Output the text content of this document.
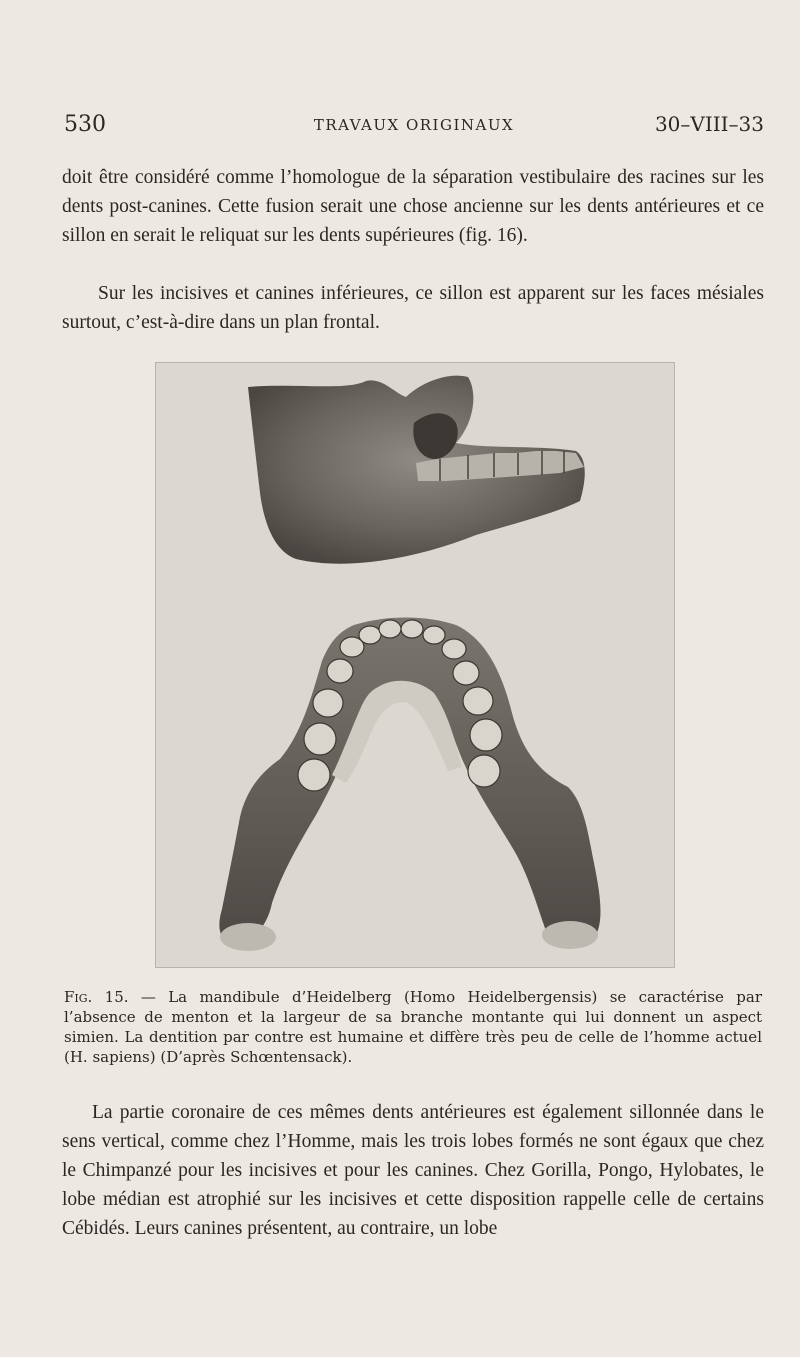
530	TRAVAUX ORIGINAUX	30–VIII–33
doit être considéré comme l’homologue de la séparation vestibulaire des racines sur les dents post-canines. Cette fusion serait une chose ancienne sur les dents antérieures et ce sillon en serait le reliquat sur les dents supérieures (fig. 16).
Sur les incisives et canines inférieures, ce sillon est apparent sur les faces mésiales surtout, c’est-à-dire dans un plan frontal.
Fig. 15. — La mandibule d’Heidelberg (Homo Heidelbergensis) se caractérise par l’absence de menton et la largeur de sa branche montante qui lui donnent un aspect simien. La dentition par contre est humaine et diffère très peu de celle de l’homme actuel (H. sapiens) (D’après Schœntensack).
La partie coronaire de ces mêmes dents antérieures est également sillonnée dans le sens vertical, comme chez l’Homme, mais les trois lobes formés ne sont égaux que chez le Chimpanzé pour les incisives et pour les canines. Chez Gorilla, Pongo, Hylobates, le lobe médian est atrophié sur les incisives et cette disposition rappelle celle de certains Cébidés. Leurs canines présentent, au contraire, un lobe
